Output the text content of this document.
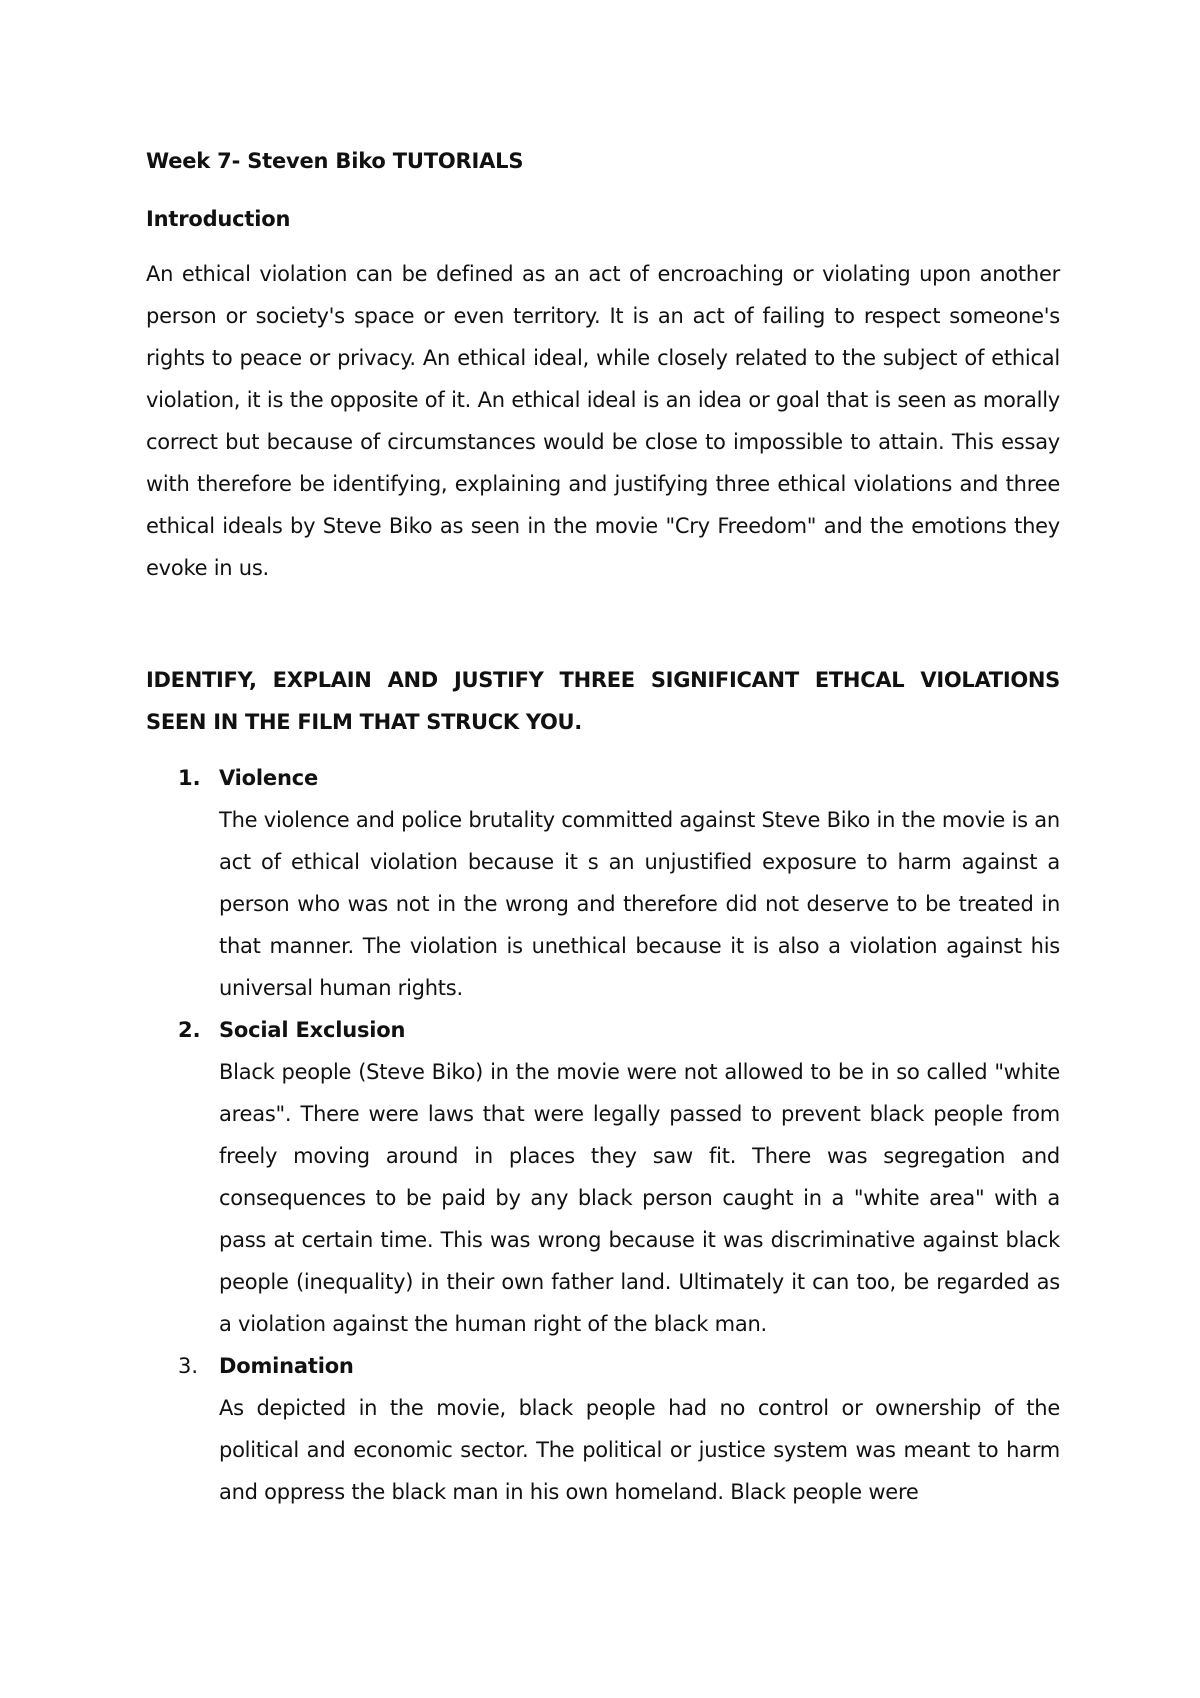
Week 7- Steven Biko TUTORIALS

Introduction

An ethical violation can be defined as an act of encroaching or violating upon another person or society's space or even territory. It is an act of failing to respect someone's rights to peace or privacy. An ethical ideal, while closely related to the subject of ethical violation, it is the opposite of it. An ethical ideal is an idea or goal that is seen as morally correct but because of circumstances would be close to impossible to attain. This essay with therefore be identifying, explaining and justifying three ethical violations and three ethical ideals by Steve Biko as seen in the movie "Cry Freedom" and the emotions they evoke in us.

IDENTIFY, EXPLAIN AND JUSTIFY THREE SIGNIFICANT ETHCAL VIOLATIONS SEEN IN THE FILM THAT STRUCK YOU.

1. Violence

The violence and police brutality committed against Steve Biko in the movie is an act of ethical violation because it s an unjustified exposure to harm against a person who was not in the wrong and therefore did not deserve to be treated in that manner. The violation is unethical because it is also a violation against his universal human rights.

2. Social Exclusion

Black people (Steve Biko) in the movie were not allowed to be in so called "white areas". There were laws that were legally passed to prevent black people from freely moving around in places they saw fit. There was segregation and consequences to be paid by any black person caught in a "white area" with a pass at certain time. This was wrong because it was discriminative against black people (inequality) in their own father land. Ultimately it can too, be regarded as a violation against the human right of the black man.

3. Domination

As depicted in the movie, black people had no control or ownership of the political and economic sector. The political or justice system was meant to harm and oppress the black man in his own homeland. Black people were
